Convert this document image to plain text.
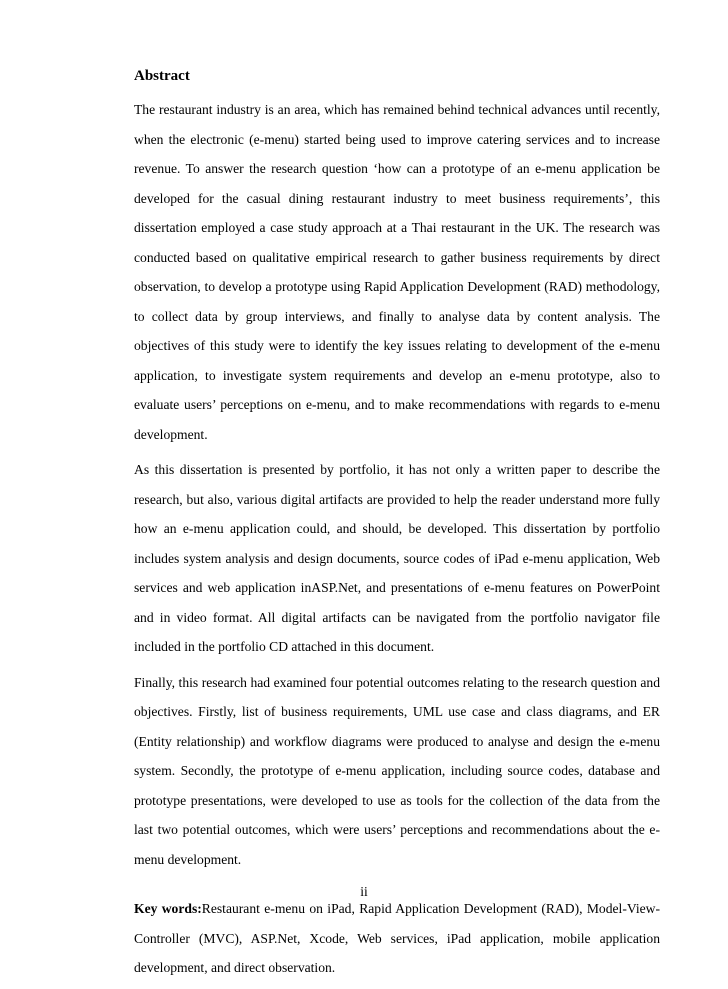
Abstract

The restaurant industry is an area, which has remained behind technical advances until recently, when the electronic (e-menu) started being used to improve catering services and to increase revenue. To answer the research question ‘how can a prototype of an e-menu application be developed for the casual dining restaurant industry to meet business requirements’, this dissertation employed a case study approach at a Thai restaurant in the UK. The research was conducted based on qualitative empirical research to gather business requirements by direct observation, to develop a prototype using Rapid Application Development (RAD) methodology, to collect data by group interviews, and finally to analyse data by content analysis. The objectives of this study were to identify the key issues relating to development of the e-menu application, to investigate system requirements and develop an e-menu prototype, also to evaluate users’ perceptions on e-menu, and to make recommendations with regards to e-menu development.

As this dissertation is presented by portfolio, it has not only a written paper to describe the research, but also, various digital artifacts are provided to help the reader understand more fully how an e-menu application could, and should, be developed. This dissertation by portfolio includes system analysis and design documents, source codes of iPad e-menu application, Web services and web application inASP.Net, and presentations of e-menu features on PowerPoint and in video format. All digital artifacts can be navigated from the portfolio navigator file included in the portfolio CD attached in this document.

Finally, this research had examined four potential outcomes relating to the research question and objectives. Firstly, list of business requirements, UML use case and class diagrams, and ER (Entity relationship) and workflow diagrams were produced to analyse and design the e-menu system. Secondly, the prototype of e-menu application, including source codes, database and prototype presentations, were developed to use as tools for the collection of the data from the last two potential outcomes, which were users’ perceptions and recommendations about the e-menu development.

Key words:Restaurant e-menu on iPad, Rapid Application Development (RAD), Model-View-Controller (MVC), ASP.Net, Xcode, Web services, iPad application, mobile application development, and direct observation.

ii
